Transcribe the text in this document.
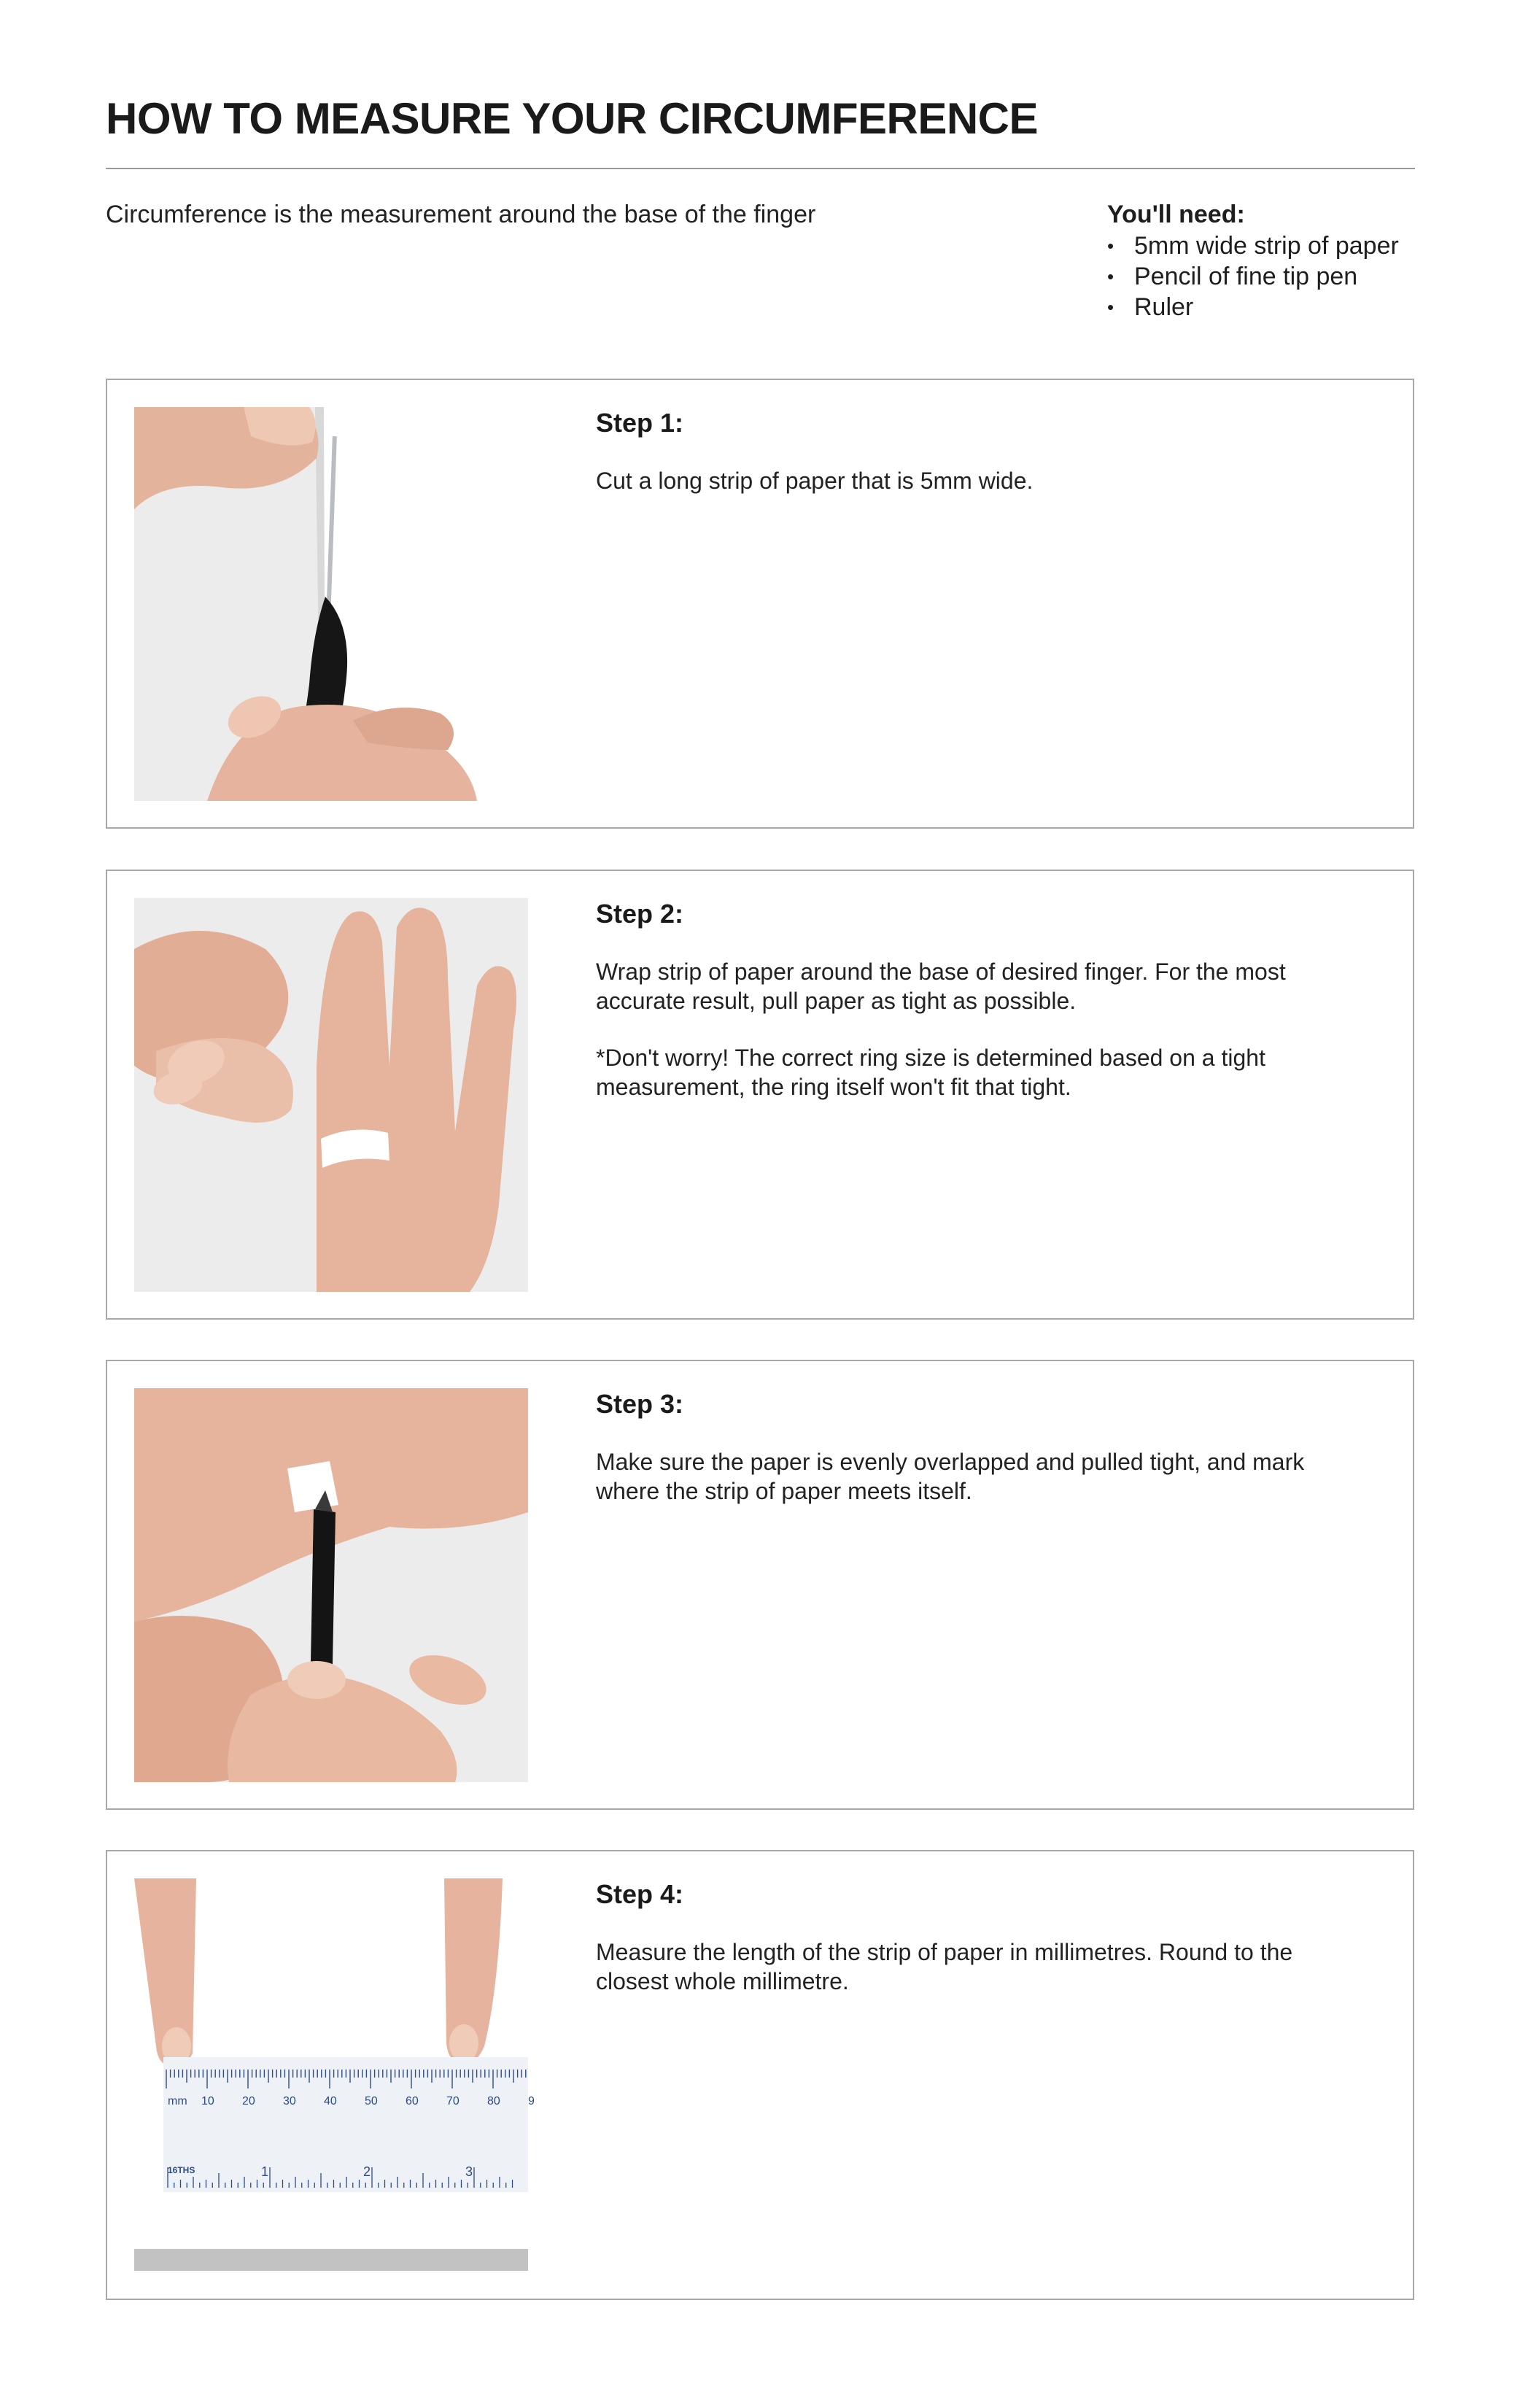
HOW TO MEASURE YOUR CIRCUMFERENCE

Circumference is the measurement around the base of the finger	You'll need:

• 5mm wide strip of paper
• Pencil of fine tip pen
• Ruler

Step 1:

Cut a long strip of paper that is 5mm wide.

Step 2:

Wrap strip of paper around the base of desired finger. For the most accurate result, pull paper as tight as possible.

*Don't worry! The correct ring size is determined based on a tight measurement, the ring itself won't fit that tight.

Step 3:

Make sure the paper is evenly overlapped and pulled tight, and mark where the strip of paper meets itself.

mm 10 20 30 40 50 60 70 80 9
16THS	1	2	3

Step 4:

Measure the length of the strip of paper in millimetres. Round to the closest whole millimetre.
